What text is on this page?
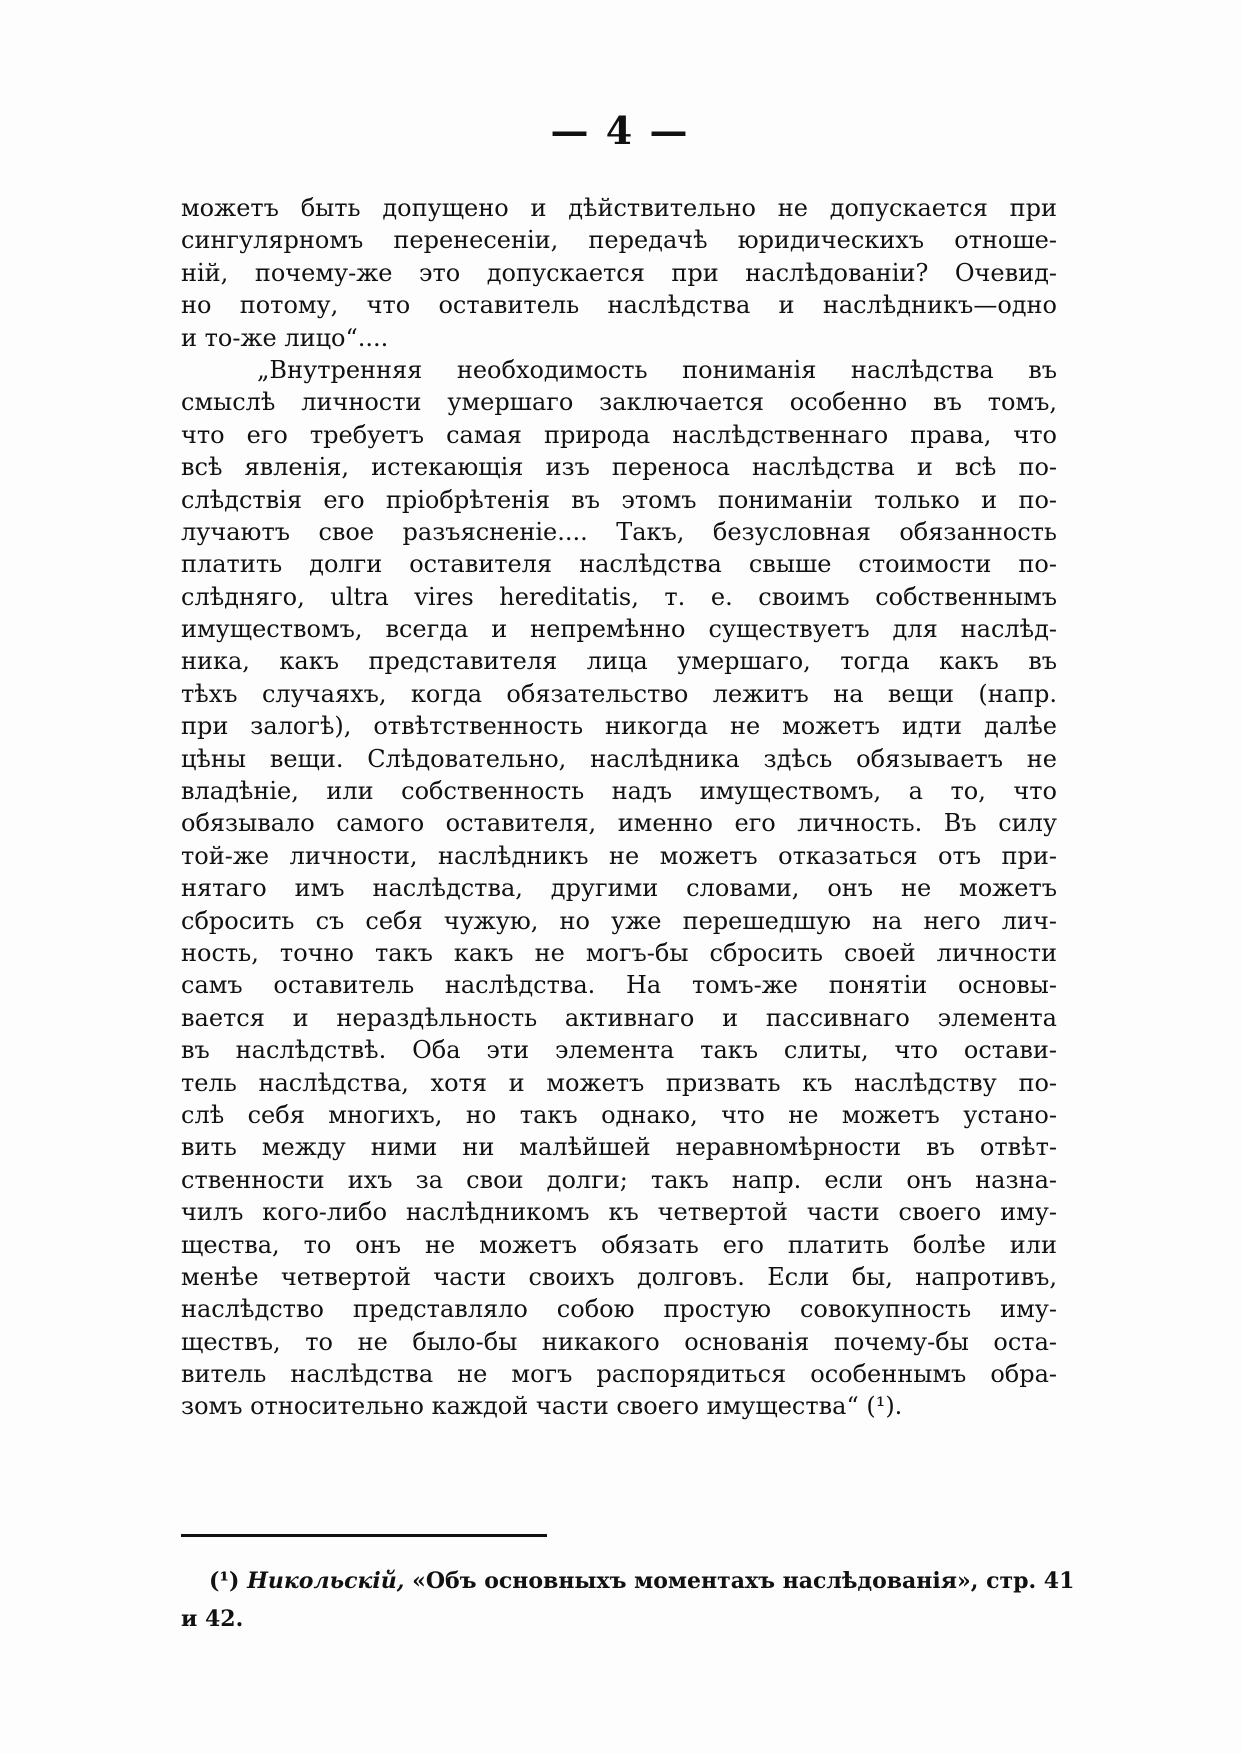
— 4 —
можетъ быть допущено и дѣйствительно не допускается при
сингулярномъ перенесеніи, передачѣ юридическихъ отноше-
ній, почему-же это допускается при наслѣдованіи? Очевид-
но потому, что оставитель наслѣдства и наслѣдникъ—одно
и то-же лицо“....
„Внутренняя необходимость пониманія наслѣдства въ
смыслѣ личности умершаго заключается особенно въ томъ,
что его требуетъ самая природа наслѣдственнаго права, что
всѣ явленія, истекающія изъ переноса наслѣдства и всѣ по-
слѣдствія его пріобрѣтенія въ этомъ пониманіи только и по-
лучаютъ свое разъясненіе.... Такъ, безусловная обязанность
платить долги оставителя наслѣдства свыше стоимости по-
слѣдняго, ultra vires hereditatis, т. е. своимъ собственнымъ
имуществомъ, всегда и непремѣнно существуетъ для наслѣд-
ника, какъ представителя лица умершаго, тогда какъ въ
тѣхъ случаяхъ, когда обязательство лежитъ на вещи (напр.
при залогѣ), отвѣтственность никогда не можетъ идти далѣе
цѣны вещи. Слѣдовательно, наслѣдника здѣсь обязываетъ не
владѣніе, или собственность надъ имуществомъ, а то, что
обязывало самого оставителя, именно его личность. Въ силу
той-же личности, наслѣдникъ не можетъ отказаться отъ при-
нятаго имъ наслѣдства, другими словами, онъ не можетъ
сбросить съ себя чужую, но уже перешедшую на него лич-
ность, точно такъ какъ не могъ-бы сбросить своей личности
самъ оставитель наслѣдства. На томъ-же понятіи основы-
вается и нераздѣльность активнаго и пассивнаго элемента
въ наслѣдствѣ. Оба эти элемента такъ слиты, что остави-
тель наслѣдства, хотя и можетъ призвать къ наслѣдству по-
слѣ себя многихъ, но такъ однако, что не можетъ устано-
вить между ними ни малѣйшей неравномѣрности въ отвѣт-
ственности ихъ за свои долги; такъ напр. если онъ назна-
чилъ кого-либо наслѣдникомъ къ четвертой части своего иму-
щества, то онъ не можетъ обязать его платить болѣе или
менѣе четвертой части своихъ долговъ. Если бы, напротивъ,
наслѣдство представляло собою простую совокупность иму-
ществъ, то не было-бы никакого основанія почему-бы оста-
витель наслѣдства не могъ распорядиться особеннымъ обра-
зомъ относительно каждой части своего имущества“ (¹).
(¹) Никольскій, «Объ основныхъ моментахъ наслѣдованія», стр. 41
и 42.
